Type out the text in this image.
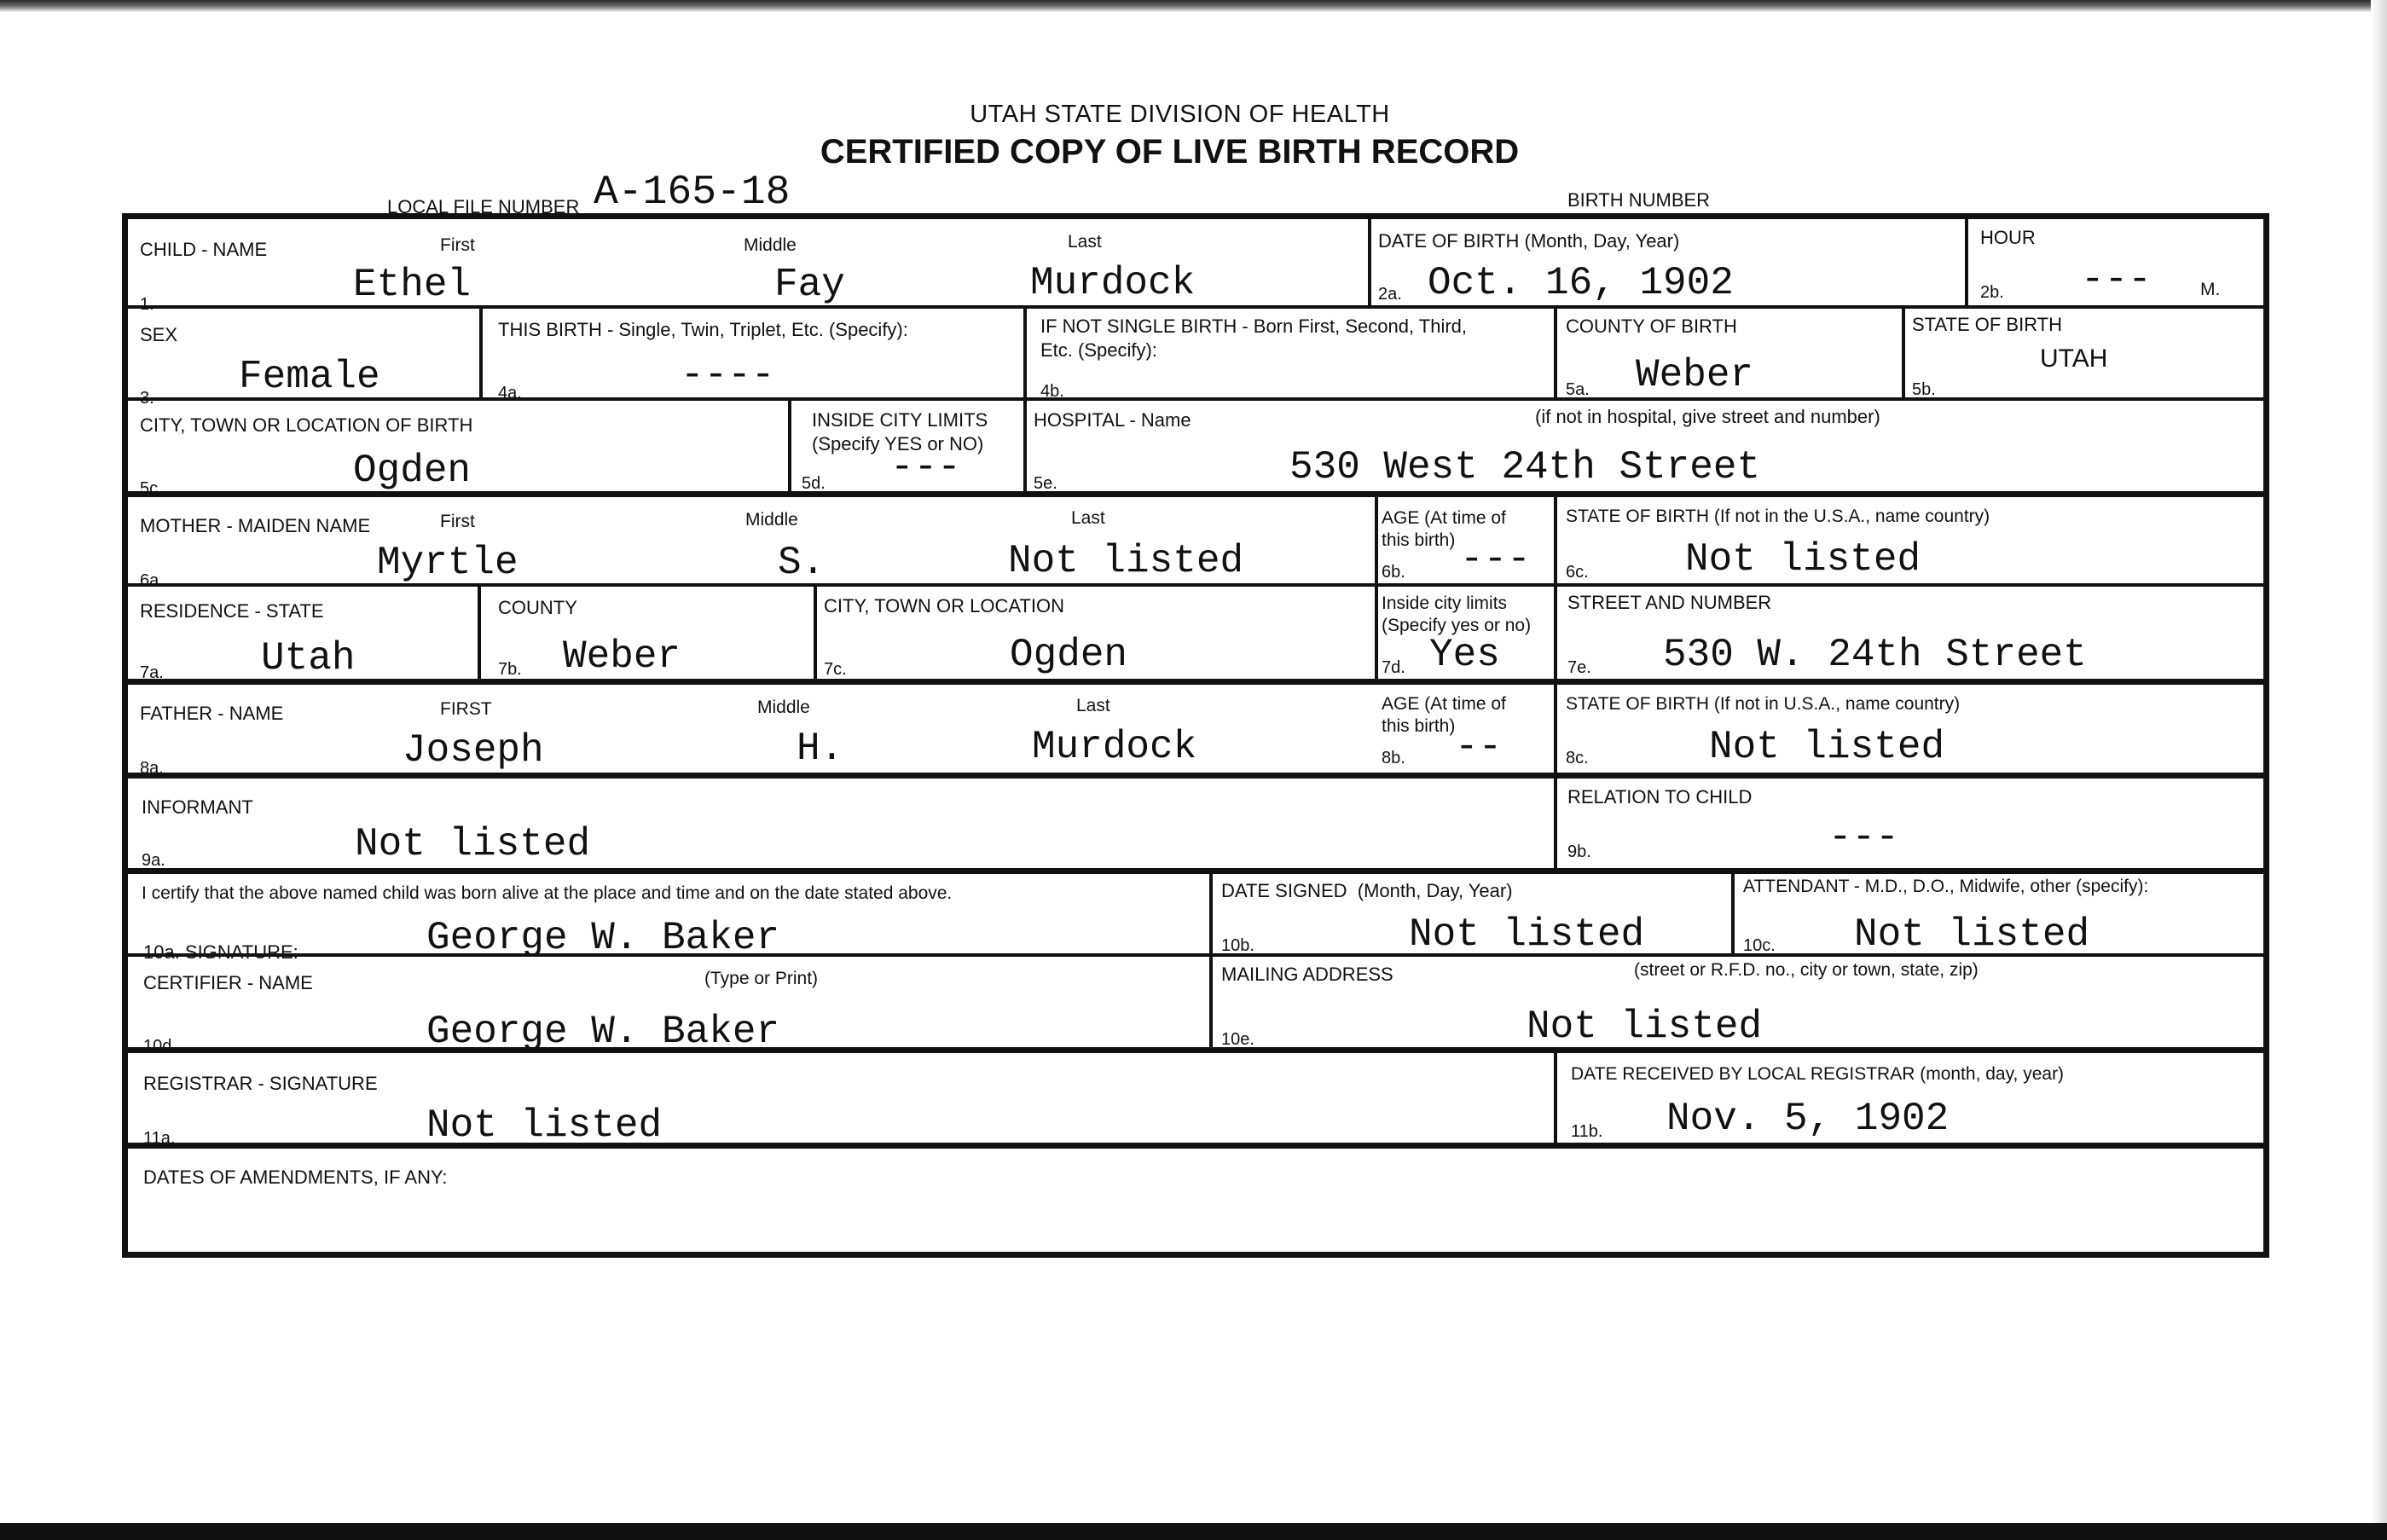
UTAH STATE DIVISION OF HEALTH
CERTIFIED COPY OF LIVE BIRTH RECORD
LOCAL FILE NUMBER A-165-18	BIRTH NUMBER
CHILD - NAME	First	Middle	Last
1.	Ethel	Fay	Murdock
DATE OF BIRTH (Month, Day, Year)
2a. Oct. 16, 1902
HOUR
2b. ---	M.
SEX
3. Female
THIS BIRTH - Single, Twin, Triplet, Etc. (Specify):
4a.	----
IF NOT SINGLE BIRTH - Born First, Second, Third,
Etc. (Specify):
4b.
COUNTY OF BIRTH
5a. Weber
STATE OF BIRTH
5b.
UTAH
CITY, TOWN OR LOCATION OF BIRTH
5c.	Ogden
INSIDE CITY LIMITS
(Specify YES or NO)
5d. ---
HOSPITAL - Name	(if not in hospital, give street and number)
5e.	530 West 24th Street
MOTHER - MAIDEN NAME	First	Middle	Last
6a.	Myrtle	S.	Not listed
AGE (At time of
this birth)
6b. ---
STATE OF BIRTH (If not in the U.S.A., name country)
6c. Not listed
RESIDENCE - STATE
7a. Utah
COUNTY
7b. Weber
CITY, TOWN OR LOCATION
7c.	Ogden
Inside city limits
(Specify yes or no)
7d. Yes
STREET AND NUMBER
7e. 530 W. 24th Street
FATHER - NAME	FIRST	Middle	Last
8a.	Joseph	H.	Murdock
AGE (At time of
this birth)
8b. --
STATE OF BIRTH (If not in U.S.A., name country)
8c.	Not listed
INFORMANT
9a.	Not listed
RELATION TO CHILD
9b.	---
I certify that the above named child was born alive at the place and time and on the date stated above.
10a. SIGNATURE:	George W. Baker
DATE SIGNED (Month, Day, Year)
10b.	Not listed
ATTENDANT - M.D., D.O., Midwife, other (specify):
10c. Not listed
CERTIFIER - NAME	(Type or Print)
10d.	George W. Baker
MAILING ADDRESS	(street or R.F.D. no., city or town, state, zip)
10e.	Not listed
REGISTRAR - SIGNATURE
11a.	Not listed
DATE RECEIVED BY LOCAL REGISTRAR (month, day, year)
11b. Nov. 5, 1902
DATES OF AMENDMENTS, IF ANY:
